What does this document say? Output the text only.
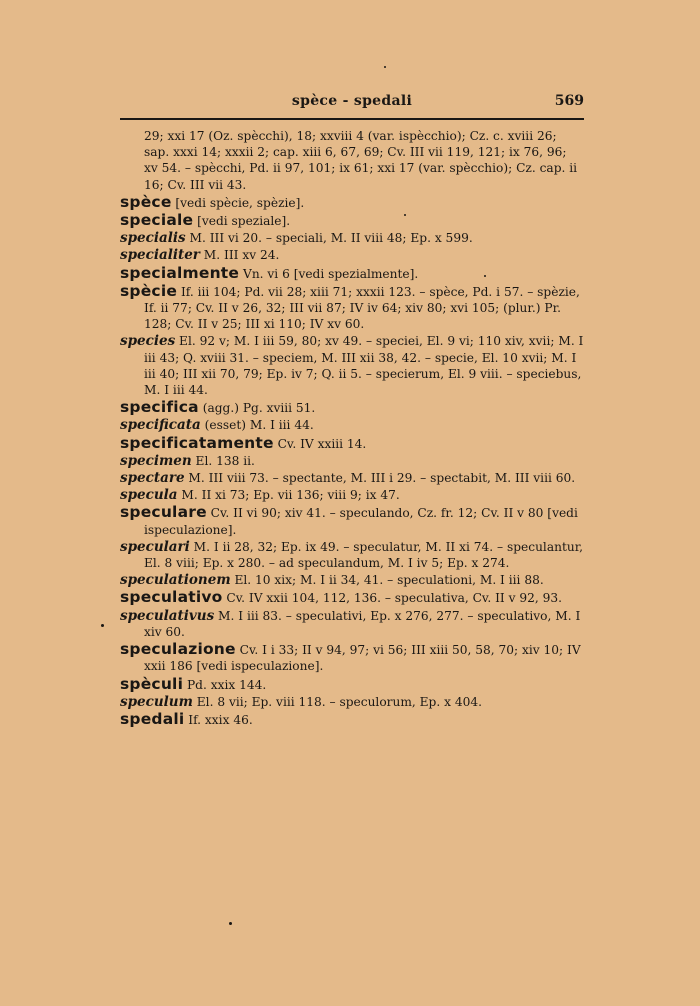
spèce - spedali	569

29; xxi 17 (Oz. spècchi), 18; xxviii 4 (var. ispècchio); Cz. c. xviii 26; sap. xxxi 14; xxxii 2; cap. xiii 6, 67, 69; Cv. III vii 119, 121; ix 76, 96; xv 54. – spècchi, Pd. ii 97, 101; ix 61; xxi 17 (var. spècchio); Cz. cap. ii 16; Cv. III vii 43.

spèce [vedi spècie, spèzie].

speciale [vedi speziale].

specialis M. III vi 20. – speciali, M. II viii 48; Ep. x 599.

specialiter M. III xv 24.

specialmente Vn. vi 6 [vedi spezialmente].

spècie If. iii 104; Pd. vii 28; xiii 71; xxxii 123. – spèce, Pd. i 57. – spèzie, If. ii 77; Cv. II v 26, 32; III vii 87; IV iv 64; xiv 80; xvi 105; (plur.) Pr. 128; Cv. II v 25; III xi 110; IV xv 60.

species El. 92 v; M. I iii 59, 80; xv 49. – speciei, El. 9 vi; 110 xiv, xvii; M. I iii 43; Q. xviii 31. – speciem, M. III xii 38, 42. – specie, El. 10 xvii; M. I iii 40; III xii 70, 79; Ep. iv 7; Q. ii 5. – specierum, El. 9 viii. – speciebus, M. I iii 44.

specifica (agg.) Pg. xviii 51.

specificata (esset) M. I iii 44.

specificatamente Cv. IV xxiii 14.

specimen El. 138 ii.

spectare M. III viii 73. – spectante, M. III i 29. – spectabit, M. III viii 60.

specula M. II xi 73; Ep. vii 136; viii 9; ix 47.

speculare Cv. II vi 90; xiv 41. – speculando, Cz. fr. 12; Cv. II v 80 [vedi ispeculazione].

speculari M. I ii 28, 32; Ep. ix 49. – speculatur, M. II xi 74. – speculantur, El. 8 viii; Ep. x 280. – ad speculandum, M. I iv 5; Ep. x 274.

speculationem El. 10 xix; M. I ii 34, 41. – speculationi, M. I iii 88.

speculativo Cv. IV xxii 104, 112, 136. – speculativa, Cv. II v 92, 93.

speculativus M. I iii 83. – speculativi, Ep. x 276, 277. – speculativo, M. I xiv 60.

speculazione Cv. I i 33; II v 94, 97; vi 56; III xiii 50, 58, 70; xiv 10; IV xxii 186 [vedi ispeculazione].

spèculi Pd. xxix 144.

speculum El. 8 vii; Ep. viii 118. – speculorum, Ep. x 404.

spedali If. xxix 46.
